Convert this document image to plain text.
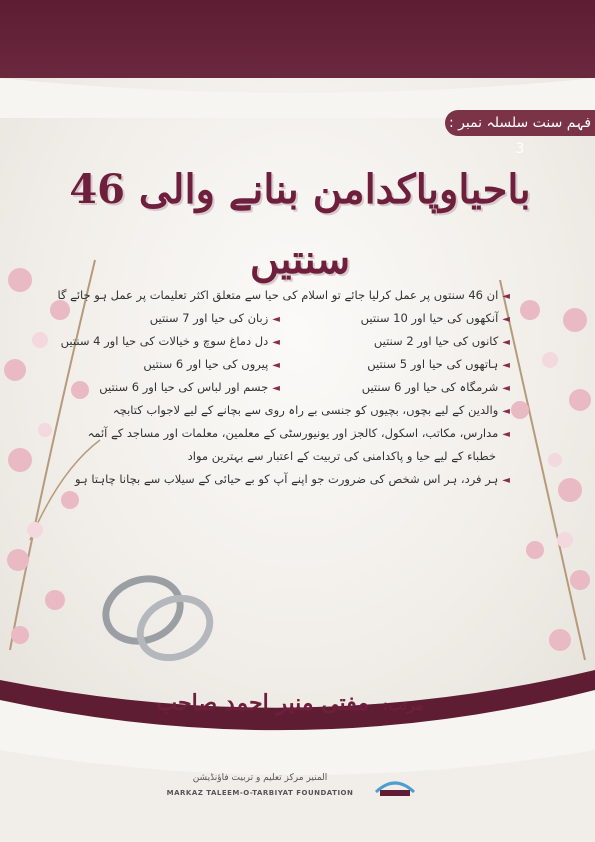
فہم سنت سلسلہ نمبر : 3
باحیاوپاکدامن بنانے والی 46 سنتیں
◄ان 46 سنتوں پر عمل کرلیا جائے تو اسلام کی حیا سے متعلق اکثر تعلیمات پر عمل ہو جائے گا
◄آنکھوں کی حیا اور 10 سنتیں
◄زبان کی حیا اور 7 سنتیں
◄کانوں کی حیا اور 2 سنتیں
◄دل دماغ سوچ و خیالات کی حیا اور 4 سنتیں
◄ہاتھوں کی حیا اور 5 سنتیں
◄پیروں کی حیا اور 6 سنتیں
◄شرمگاہ کی حیا اور 6 سنتیں
◄جسم اور لباس کی حیا اور 6 سنتیں
◄والدین کے لیے بچوں، بچیوں کو جنسی بے راہ روی سے بچانے کے لیے لاجواب کتابچہ
◄مدارس، مکاتب، اسکول، کالجز اور یونیورسٹی کے معلمین، معلمات اور مساجد کے آئمہ
خطباء کے لیے حیا و پاکدامنی کی تربیت کے اعتبار سے بہترین مواد
◄ہر فرد، ہر اس شخص کی ضرورت جو اپنے آپ کو بے حیائی کے سیلاب سے بچانا چاہتا ہو
مرتب: مفتی منیر احمد صاحب
المنیر مرکز تعلیم و تربیت فاؤنڈیشن
MARKAZ TALEEM-O-TARBIYAT FOUNDATION
